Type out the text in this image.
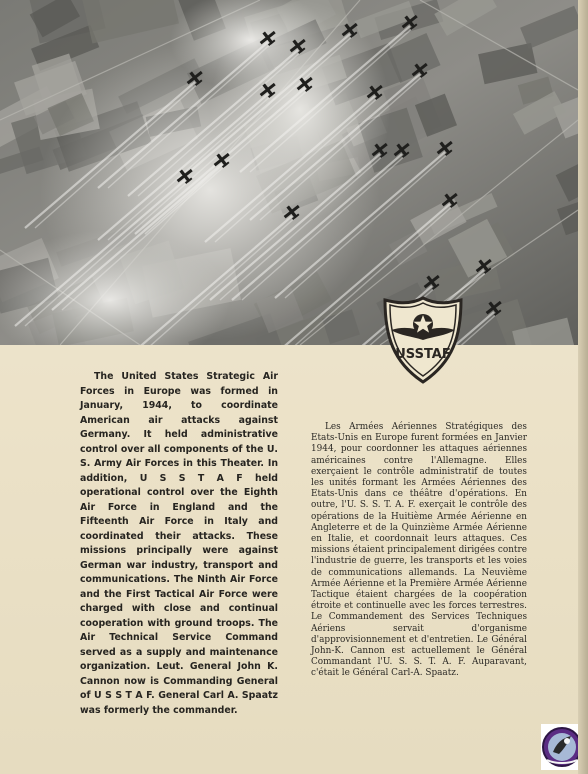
USSTAF

The United States Strategic Air Forces in Europe was formed in January, 1944, to coordinate American air attacks against Germany. It held administrative control over all components of the U. S. Army Air Forces in this Theater. In addition, U S S T A F held operational control over the Eighth Air Force in England and the Fifteenth Air Force in Italy and coordinated their attacks. These missions principally were against German war industry, transport and communications. The Ninth Air Force and the First Tactical Air Force were charged with close and continual cooperation with ground troops. The Air Technical Service Command served as a supply and maintenance organization. Leut. General John K. Cannon now is Commanding General of U S S T A F. General Carl A. Spaatz was formerly the commander.

Les Armées Aériennes Stratégiques des Etats-Unis en Europe furent formées en Janvier 1944, pour coordonner les attaques aériennes américaines contre l'Allemagne. Elles exerçaient le contrôle administratif de toutes les unités formant les Armées Aériennes des Etats-Unis dans ce théâtre d'opérations. En outre, l'U. S. S. T. A. F. exerçait le contrôle des opérations de la Huitième Armée Aérienne en Angleterre et de la Quinzième Armée Aérienne en Italie, et coordonnait leurs attaques. Ces missions étaient principalement dirigées contre l'industrie de guerre, les transports et les voies de communications allemands. La Neuvième Armée Aérienne et la Première Armée Aérienne Tactique étaient chargées de la coopération étroite et continuelle avec les forces terrestres. Le Commandement des Services Techniques Aériens servait d'organisme d'approvisionnement et d'entretien. Le Général John-K. Cannon est actuellement le Général Commandant l'U. S. S. T. A. F. Auparavant, c'était le Général Carl-A. Spaatz.
